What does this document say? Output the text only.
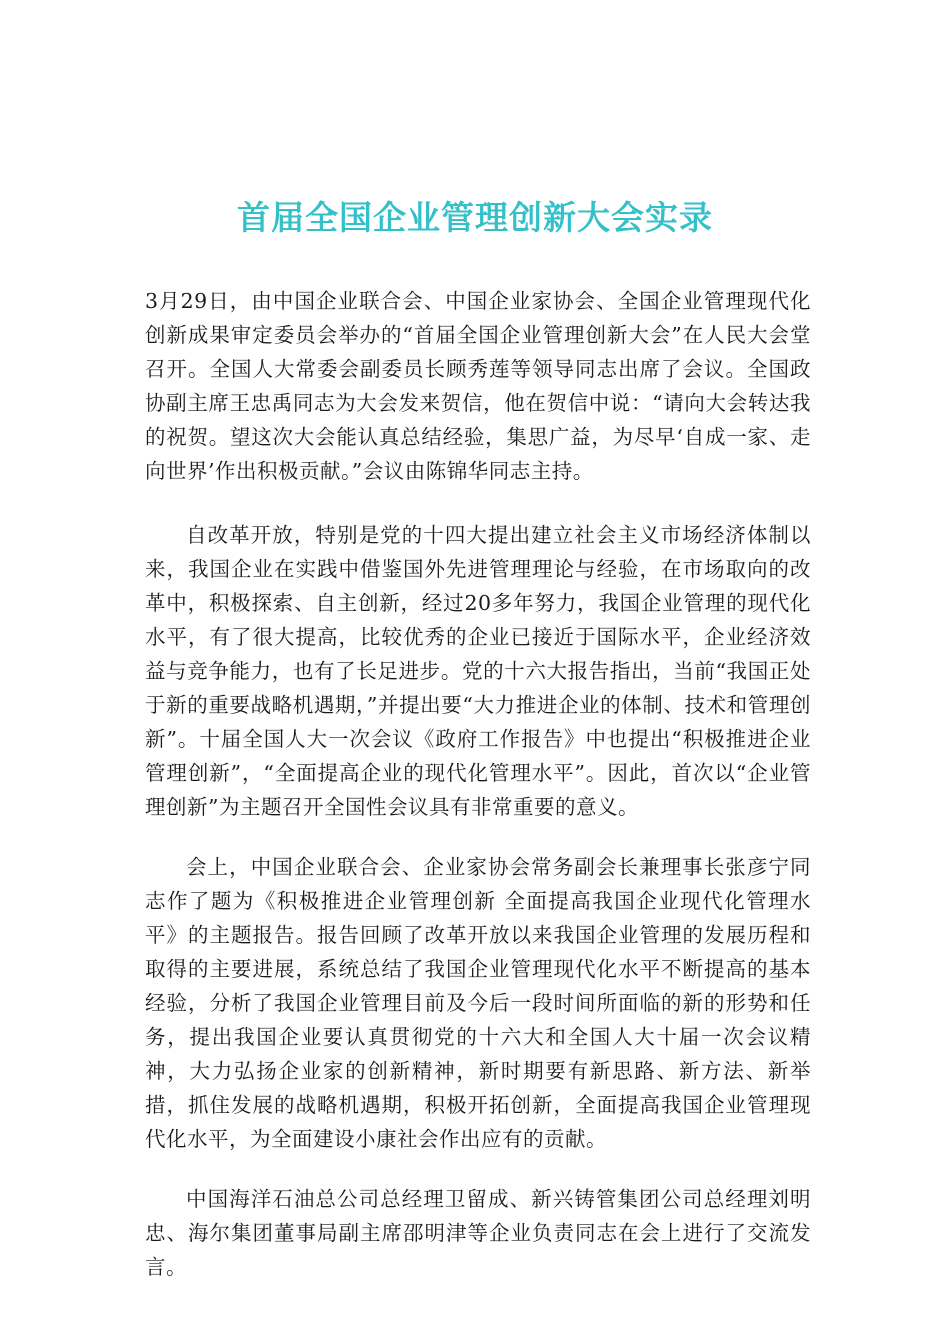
首届全国企业管理创新大会实录

3月29日，由中国企业联合会、中国企业家协会、全国企业管理现代化创新成果审定委员会举办的“首届全国企业管理创新大会”在人民大会堂召开。全国人大常委会副委员长顾秀莲等领导同志出席了会议。全国政协副主席王忠禹同志为大会发来贺信，他在贺信中说：“请向大会转达我的祝贺。望这次大会能认真总结经验，集思广益，为尽早‘自成一家、走向世界’作出积极贡献。”会议由陈锦华同志主持。

自改革开放，特别是党的十四大提出建立社会主义市场经济体制以来，我国企业在实践中借鉴国外先进管理理论与经验，在市场取向的改革中，积极探索、自主创新，经过20多年努力，我国企业管理的现代化水平，有了很大提高，比较优秀的企业已接近于国际水平，企业经济效益与竞争能力，也有了长足进步。党的十六大报告指出，当前“我国正处于新的重要战略机遇期，”并提出要“大力推进企业的体制、技术和管理创新”。十届全国人大一次会议《政府工作报告》中也提出“积极推进企业管理创新”，“全面提高企业的现代化管理水平”。因此，首次以“企业管理创新”为主题召开全国性会议具有非常重要的意义。

会上，中国企业联合会、企业家协会常务副会长兼理事长张彦宁同志作了题为《积极推进企业管理创新 全面提高我国企业现代化管理水平》的主题报告。报告回顾了改革开放以来我国企业管理的发展历程和取得的主要进展，系统总结了我国企业管理现代化水平不断提高的基本经验，分析了我国企业管理目前及今后一段时间所面临的新的形势和任务，提出我国企业要认真贯彻党的十六大和全国人大十届一次会议精神，大力弘扬企业家的创新精神，新时期要有新思路、新方法、新举措，抓住发展的战略机遇期，积极开拓创新，全面提高我国企业管理现代化水平，为全面建设小康社会作出应有的贡献。

中国海洋石油总公司总经理卫留成、新兴铸管集团公司总经理刘明忠、海尔集团董事局副主席邵明津等企业负责同志在会上进行了交流发言。
